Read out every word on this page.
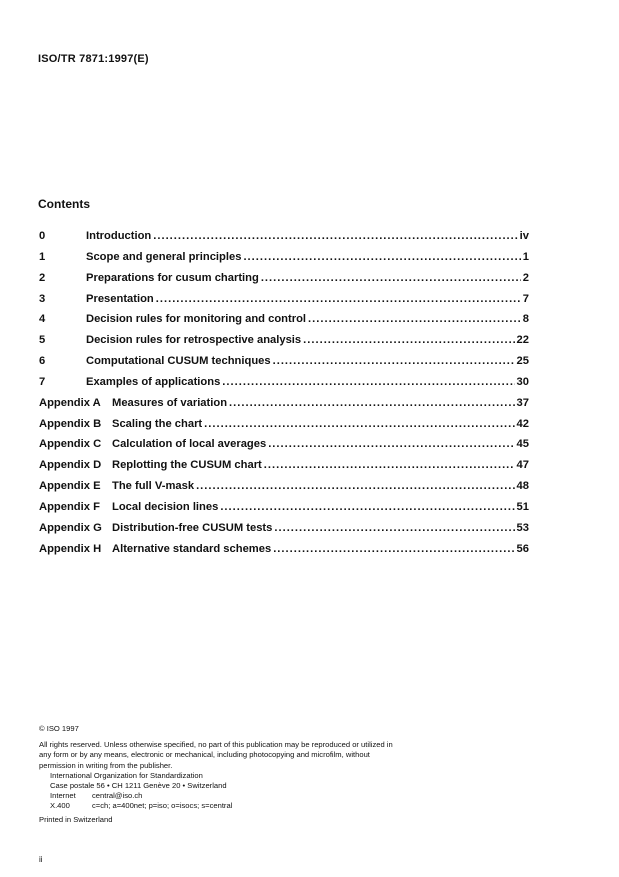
ISO/TR 7871:1997(E)
Contents
0	Introduction .....	iv
1	Scope and general principles .....	1
2	Preparations for cusum charting .....	2
3	Presentation .....	7
4	Decision rules for monitoring and control .....	8
5	Decision rules for retrospective analysis .....	22
6	Computational CUSUM techniques .....	25
7	Examples of applications .....	30
Appendix A	Measures of variation .....	37
Appendix B Scaling the chart .....	42
Appendix C Calculation of local averages .....	45
Appendix D Replotting the CUSUM chart .....	47
Appendix E	The full V-mask .....	48
Appendix F	Local decision lines .....	51
Appendix G Distribution-free CUSUM tests .....	53
Appendix H Alternative standard schemes .....	56

© ISO 1997

All rights reserved. Unless otherwise specified, no part of this publication may be reproduced or utilized in any form or by any means, electronic or mechanical, including photocopying and microfilm, without permission in writing from the publisher.

International Organization for Standardization

Case postale 56 • CH 1211 Genève 20 • Switzerland

Internet	central@iso.ch

X.400	c=ch; a=400net; p=iso; o=isocs; s=central

Printed in Switzerland

ii
